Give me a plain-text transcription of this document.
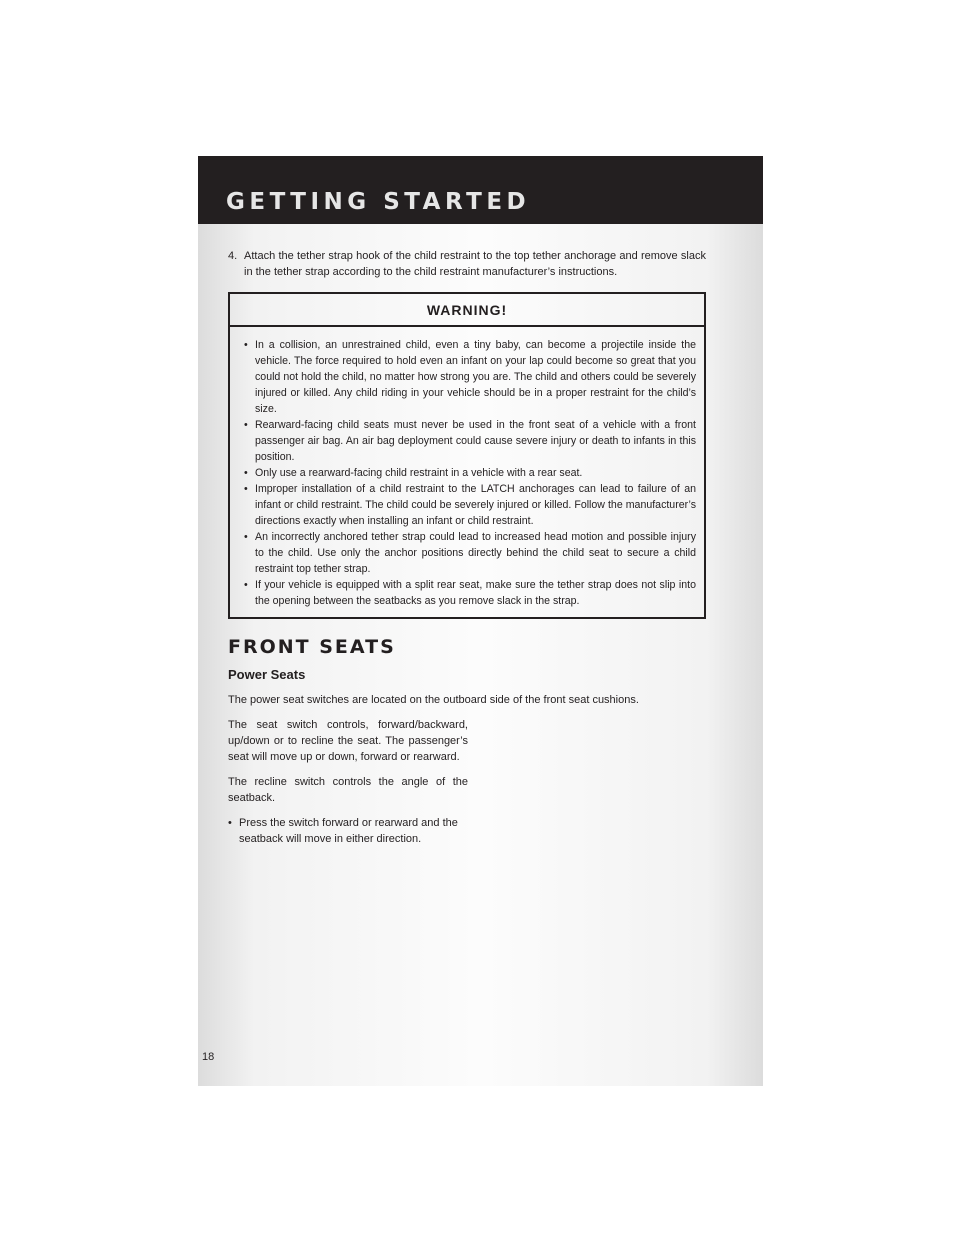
GETTING STARTED
4. Attach the tether strap hook of the child restraint to the top tether anchorage and remove slack in the tether strap according to the child restraint manufacturer’s instructions.
WARNING!
• In a collision, an unrestrained child, even a tiny baby, can become a projectile inside the vehicle. The force required to hold even an infant on your lap could become so great that you could not hold the child, no matter how strong you are. The child and others could be severely injured or killed. Any child riding in your vehicle should be in a proper restraint for the child’s size.
• Rearward-facing child seats must never be used in the front seat of a vehicle with a front passenger air bag. An air bag deployment could cause severe injury or death to infants in this position.
• Only use a rearward-facing child restraint in a vehicle with a rear seat.
• Improper installation of a child restraint to the LATCH anchorages can lead to failure of an infant or child restraint. The child could be severely injured or killed. Follow the manufacturer’s directions exactly when installing an infant or child restraint.
• An incorrectly anchored tether strap could lead to increased head motion and possible injury to the child. Use only the anchor positions directly behind the child seat to secure a child restraint top tether strap.
• If your vehicle is equipped with a split rear seat, make sure the tether strap does not slip into the opening between the seatbacks as you remove slack in the strap.
FRONT SEATS
Power Seats
The power seat switches are located on the outboard side of the front seat cushions.
The seat switch controls, forward/backward, up/down or to recline the seat. The passenger’s seat will move up or down, forward or rearward.
The recline switch controls the angle of the seatback.
• Press the switch forward or rearward and the seatback will move in either direction.
18
